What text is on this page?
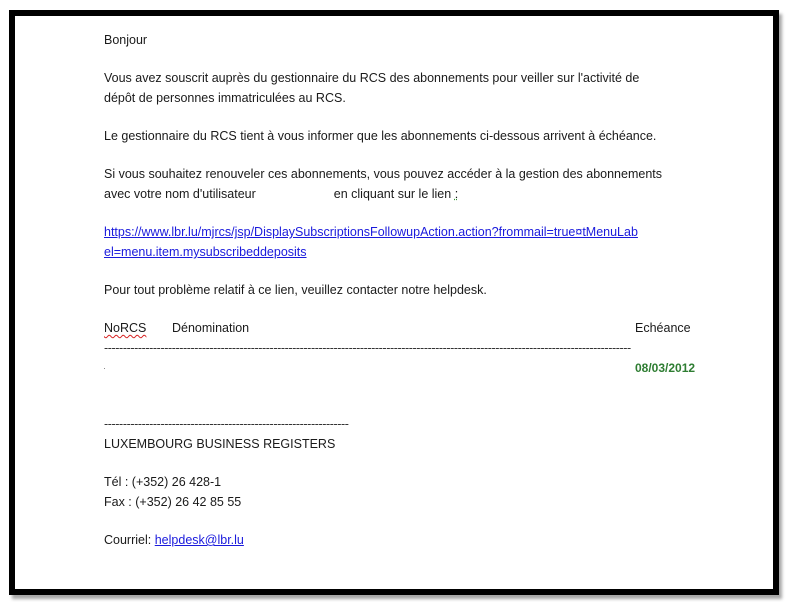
Bonjour

Vous avez souscrit auprès du gestionnaire du RCS des abonnements pour veiller sur l'activité de

dépôt de personnes immatriculées au RCS.

Le gestionnaire du RCS tient à vous informer que les abonnements ci-dessous arrivent à échéance.

Si vous souhaitez renouveler ces abonnements, vous pouvez accéder à la gestion des abonnements

avec votre nom d'utilisateur	en cliquant sur le lien :

https://www.lbr.lu/mjrcs/jsp/DisplaySubscriptionsFollowupAction.action?frommail=true¤tMenuLab

el=menu.item.mysubscribeddeposits

Pour tout problème relatif à ce lien, veuillez contacter notre helpdesk.

NoRCS Dénomination	Echéance

--------------------------------------------------------------------------------------------------------------------------------------------

08/03/2012

-----------------------------------------------------------------

LUXEMBOURG BUSINESS REGISTERS

Tél : (+352) 26 428-1

Fax : (+352) 26 42 85 55

Courriel: helpdesk@lbr.lu
